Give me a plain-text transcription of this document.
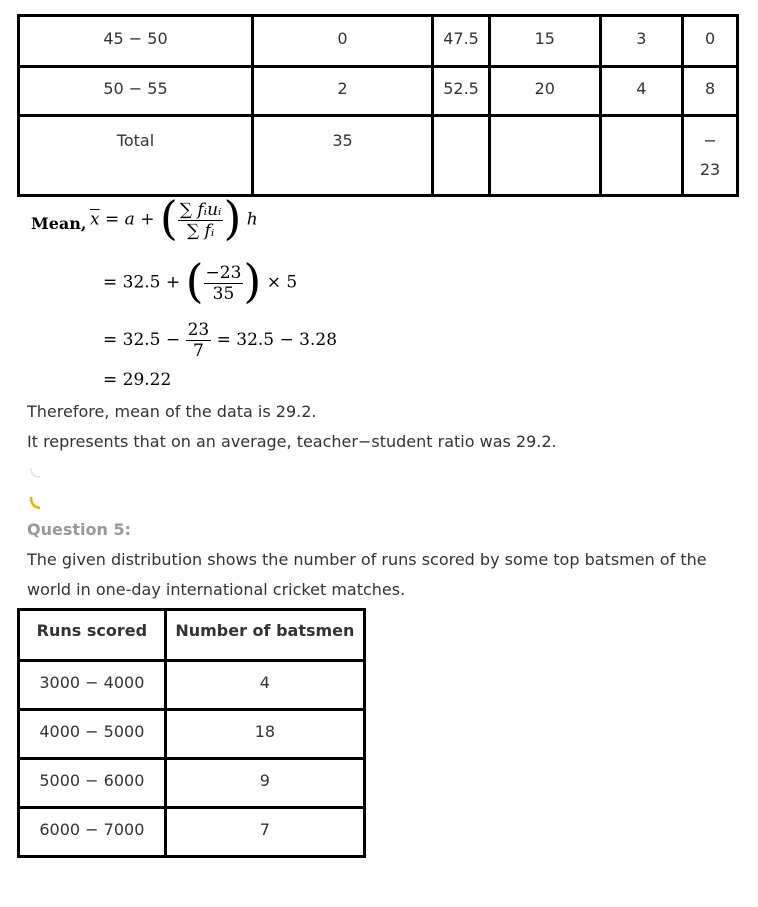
45 − 50	0	47.5	15	3	0
50 − 55	2	52.5	20	4	8
Total	35				−
23
Mean, $\overline{x} = a$ + ( $\frac{\text{∑ fᵢuᵢ}}{\text{∑ fᵢ}}$ ) h
= 32.5 + ( $\frac{-23}{35}$ ) × 5
= $32.5 - \frac{23}{7} = 32.5 - 3.28$
= 29.22
Therefore, mean of the data is 29.2.
It represents that on an average, teacher−student ratio was 29.2.
Question 5:
The given distribution shows the number of runs scored by some top batsmen of the
world in one-day international cricket matches.
Runs scored	Number of batsmen
3000 − 4000	4
4000 − 5000	18
5000 − 6000	9
6000 − 7000	7
